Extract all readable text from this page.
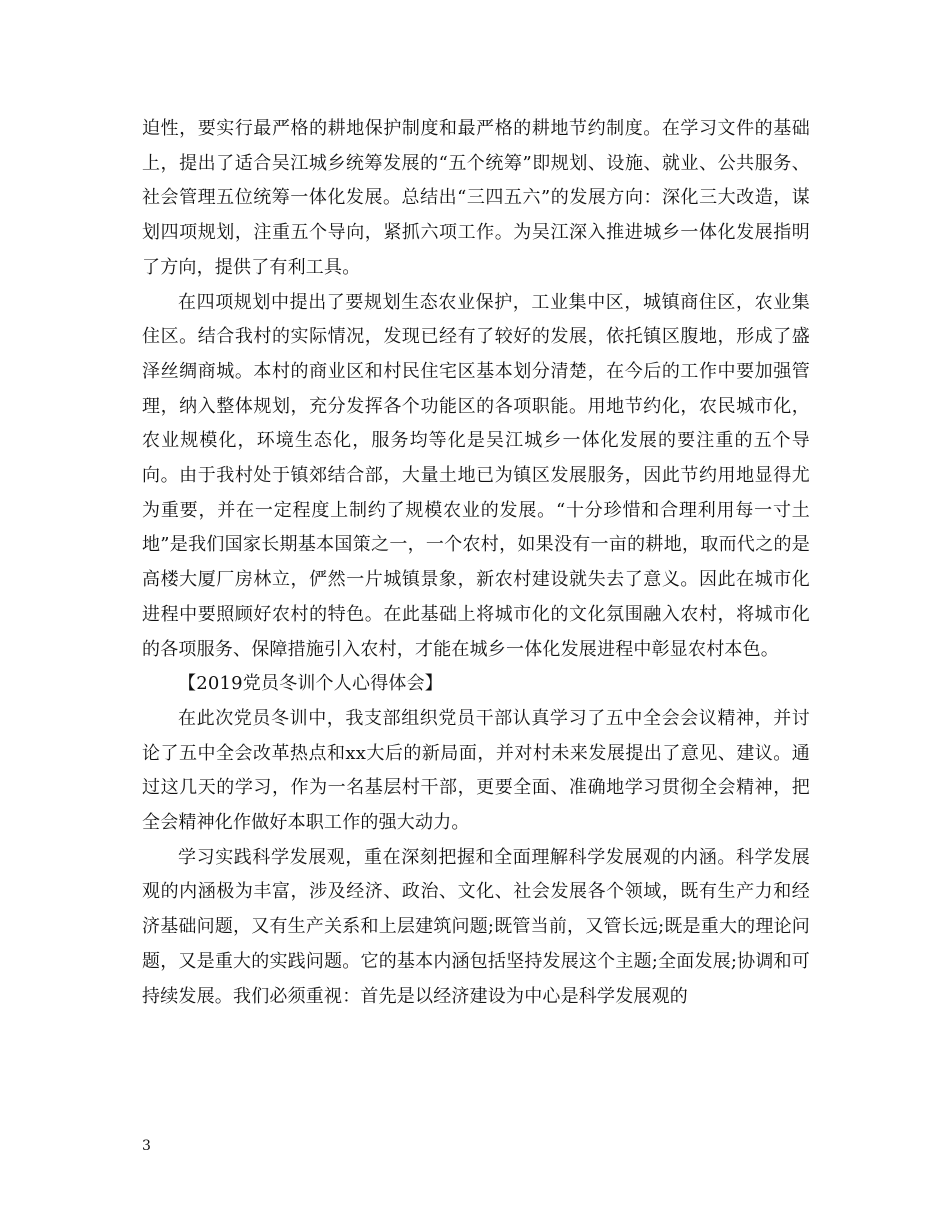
迫性，要实行最严格的耕地保护制度和最严格的耕地节约制度。在学习文件的基础上，提出了适合吴江城乡统筹发展的“五个统筹”即规划、设施、就业、公共服务、社会管理五位统筹一体化发展。总结出“三四五六”的发展方向：深化三大改造，谋划四项规划，注重五个导向，紧抓六项工作。为吴江深入推进城乡一体化发展指明了方向，提供了有利工具。

在四项规划中提出了要规划生态农业保护，工业集中区，城镇商住区，农业集住区。结合我村的实际情况，发现已经有了较好的发展，依托镇区腹地，形成了盛泽丝绸商城。本村的商业区和村民住宅区基本划分清楚，在今后的工作中要加强管理，纳入整体规划，充分发挥各个功能区的各项职能。用地节约化，农民城市化，农业规模化，环境生态化，服务均等化是吴江城乡一体化发展的要注重的五个导向。由于我村处于镇郊结合部，大量土地已为镇区发展服务，因此节约用地显得尤为重要，并在一定程度上制约了规模农业的发展。“十分珍惜和合理利用每一寸土地”是我们国家长期基本国策之一，一个农村，如果没有一亩的耕地，取而代之的是高楼大厦厂房林立，俨然一片城镇景象，新农村建设就失去了意义。因此在城市化进程中要照顾好农村的特色。在此基础上将城市化的文化氛围融入农村，将城市化的各项服务、保障措施引入农村，才能在城乡一体化发展进程中彰显农村本色。

【2019党员冬训个人心得体会】

在此次党员冬训中，我支部组织党员干部认真学习了五中全会会议精神，并讨论了五中全会改革热点和xx大后的新局面，并对村未来发展提出了意见、建议。通过这几天的学习，作为一名基层村干部，更要全面、准确地学习贯彻全会精神，把全会精神化作做好本职工作的强大动力。

学习实践科学发展观，重在深刻把握和全面理解科学发展观的内涵。科学发展观的内涵极为丰富，涉及经济、政治、文化、社会发展各个领域，既有生产力和经济基础问题，又有生产关系和上层建筑问题;既管当前，又管长远;既是重大的理论问题，又是重大的实践问题。它的基本内涵包括坚持发展这个主题;全面发展;协调和可持续发展。我们必须重视：首先是以经济建设为中心是科学发展观的

3
